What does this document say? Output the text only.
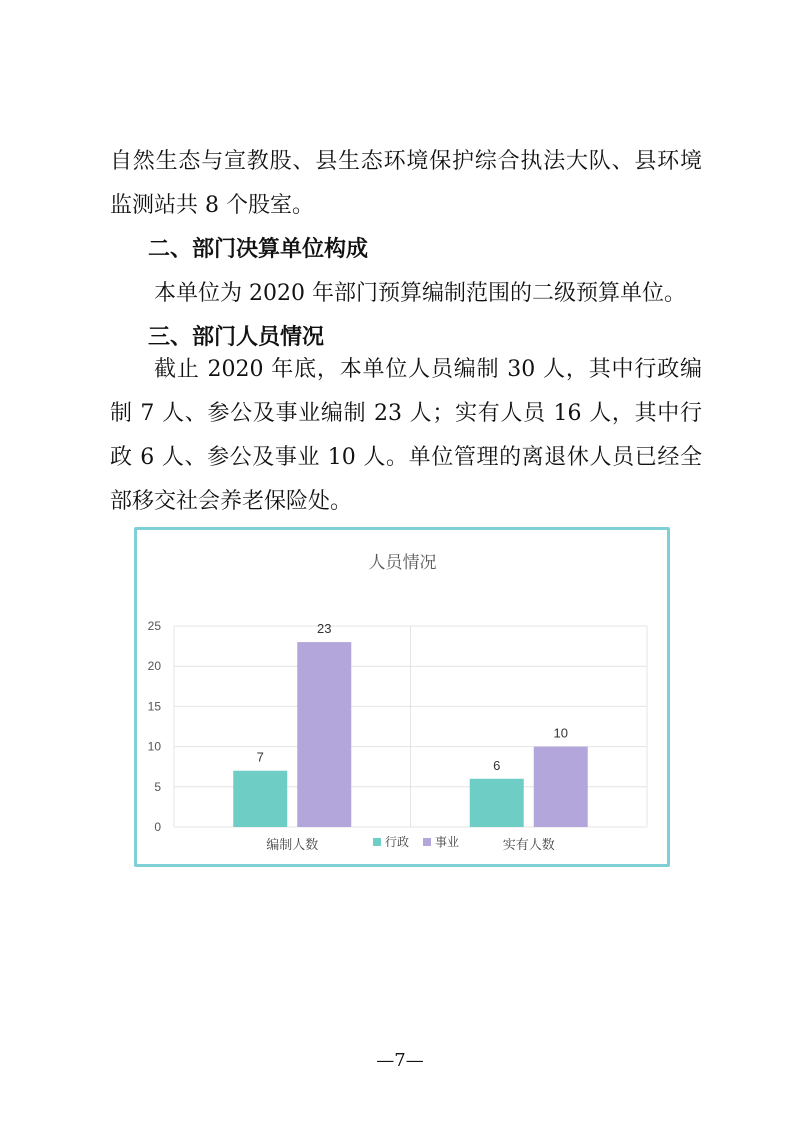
自然生态与宣教股、县生态环境保护综合执法大队、县环境监测站共 8 个股室。

二、部门决算单位构成

本单位为 2020 年部门预算编制范围的二级预算单位。

三、部门人员情况

截止 2020 年底，本单位人员编制 30 人，其中行政编制 7 人、参公及事业编制 23 人；实有人员 16 人，其中行政 6 人、参公及事业 10 人。单位管理的离退休人员已经全部移交社会养老保险处。

人员情况
0
5
10
15
20
25
7
23
编制人数
6
10
实有人数
行政 事业
—7—
